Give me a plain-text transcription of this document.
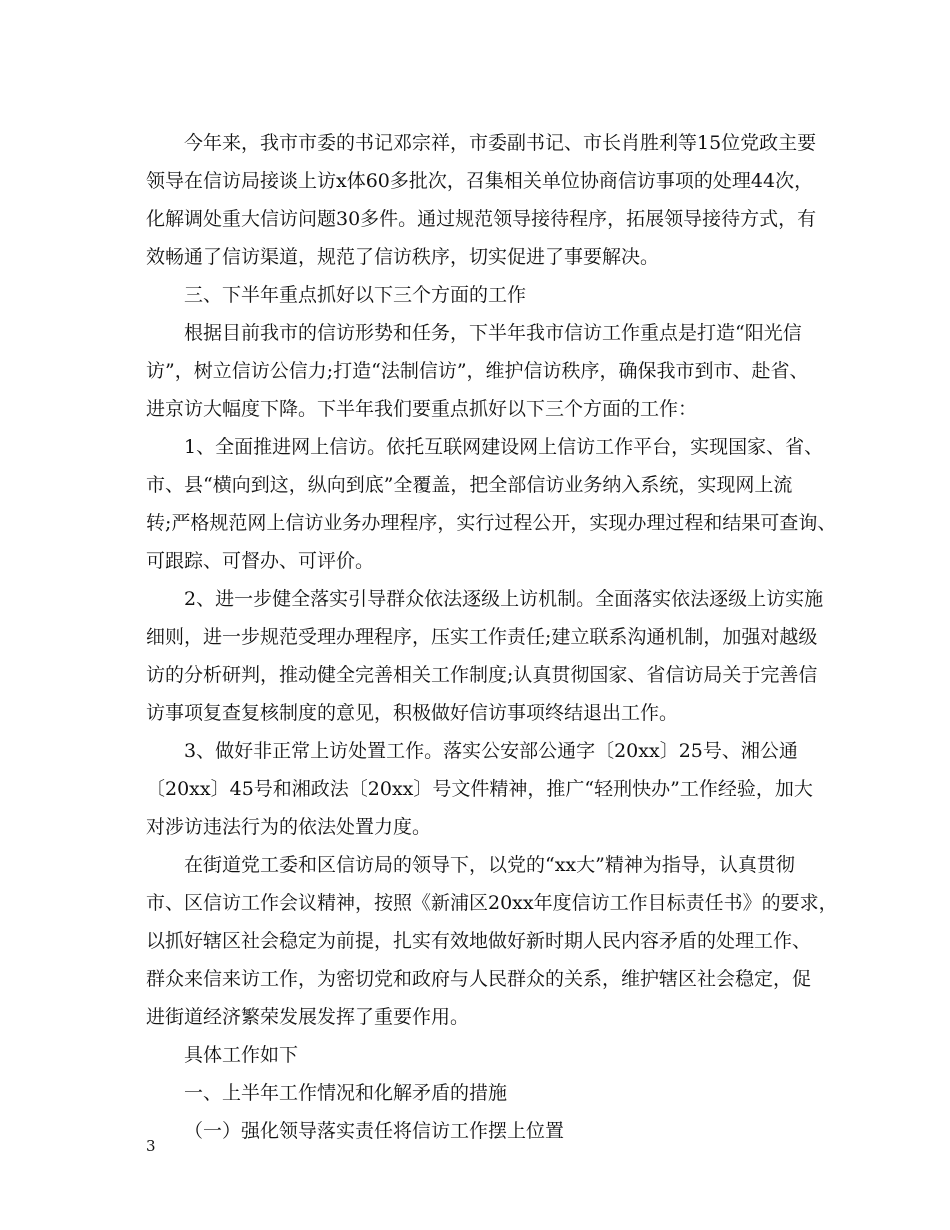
今年来，我市市委的书记邓宗祥，市委副书记、市长肖胜利等15位党政主要
领导在信访局接谈上访x体60多批次，召集相关单位协商信访事项的处理44次，
化解调处重大信访问题30多件。通过规范领导接待程序，拓展领导接待方式，有
效畅通了信访渠道，规范了信访秩序，切实促进了事要解决。
三、下半年重点抓好以下三个方面的工作
根据目前我市的信访形势和任务，下半年我市信访工作重点是打造“阳光信
访”，树立信访公信力;打造“法制信访”，维护信访秩序，确保我市到市、赴省、
进京访大幅度下降。下半年我们要重点抓好以下三个方面的工作：
1、全面推进网上信访。依托互联网建设网上信访工作平台，实现国家、省、
市、县“横向到这，纵向到底”全覆盖，把全部信访业务纳入系统，实现网上流
转;严格规范网上信访业务办理程序，实行过程公开，实现办理过程和结果可查询、
可跟踪、可督办、可评价。
2、进一步健全落实引导群众依法逐级上访机制。全面落实依法逐级上访实施
细则，进一步规范受理办理程序，压实工作责任;建立联系沟通机制，加强对越级
访的分析研判，推动健全完善相关工作制度;认真贯彻国家、省信访局关于完善信
访事项复查复核制度的意见，积极做好信访事项终结退出工作。
3、做好非正常上访处置工作。落实公安部公通字〔20xx〕25号、湘公通
〔20xx〕45号和湘政法〔20xx〕号文件精神，推广“轻刑快办”工作经验，加大
对涉访违法行为的依法处置力度。
在街道党工委和区信访局的领导下，以党的“xx大”精神为指导，认真贯彻
市、区信访工作会议精神，按照《新浦区20xx年度信访工作目标责任书》的要求，
以抓好辖区社会稳定为前提，扎实有效地做好新时期人民内容矛盾的处理工作、
群众来信来访工作，为密切党和政府与人民群众的关系，维护辖区社会稳定，促
进街道经济繁荣发展发挥了重要作用。
具体工作如下
一、上半年工作情况和化解矛盾的措施
（一）强化领导落实责任将信访工作摆上位置
3
